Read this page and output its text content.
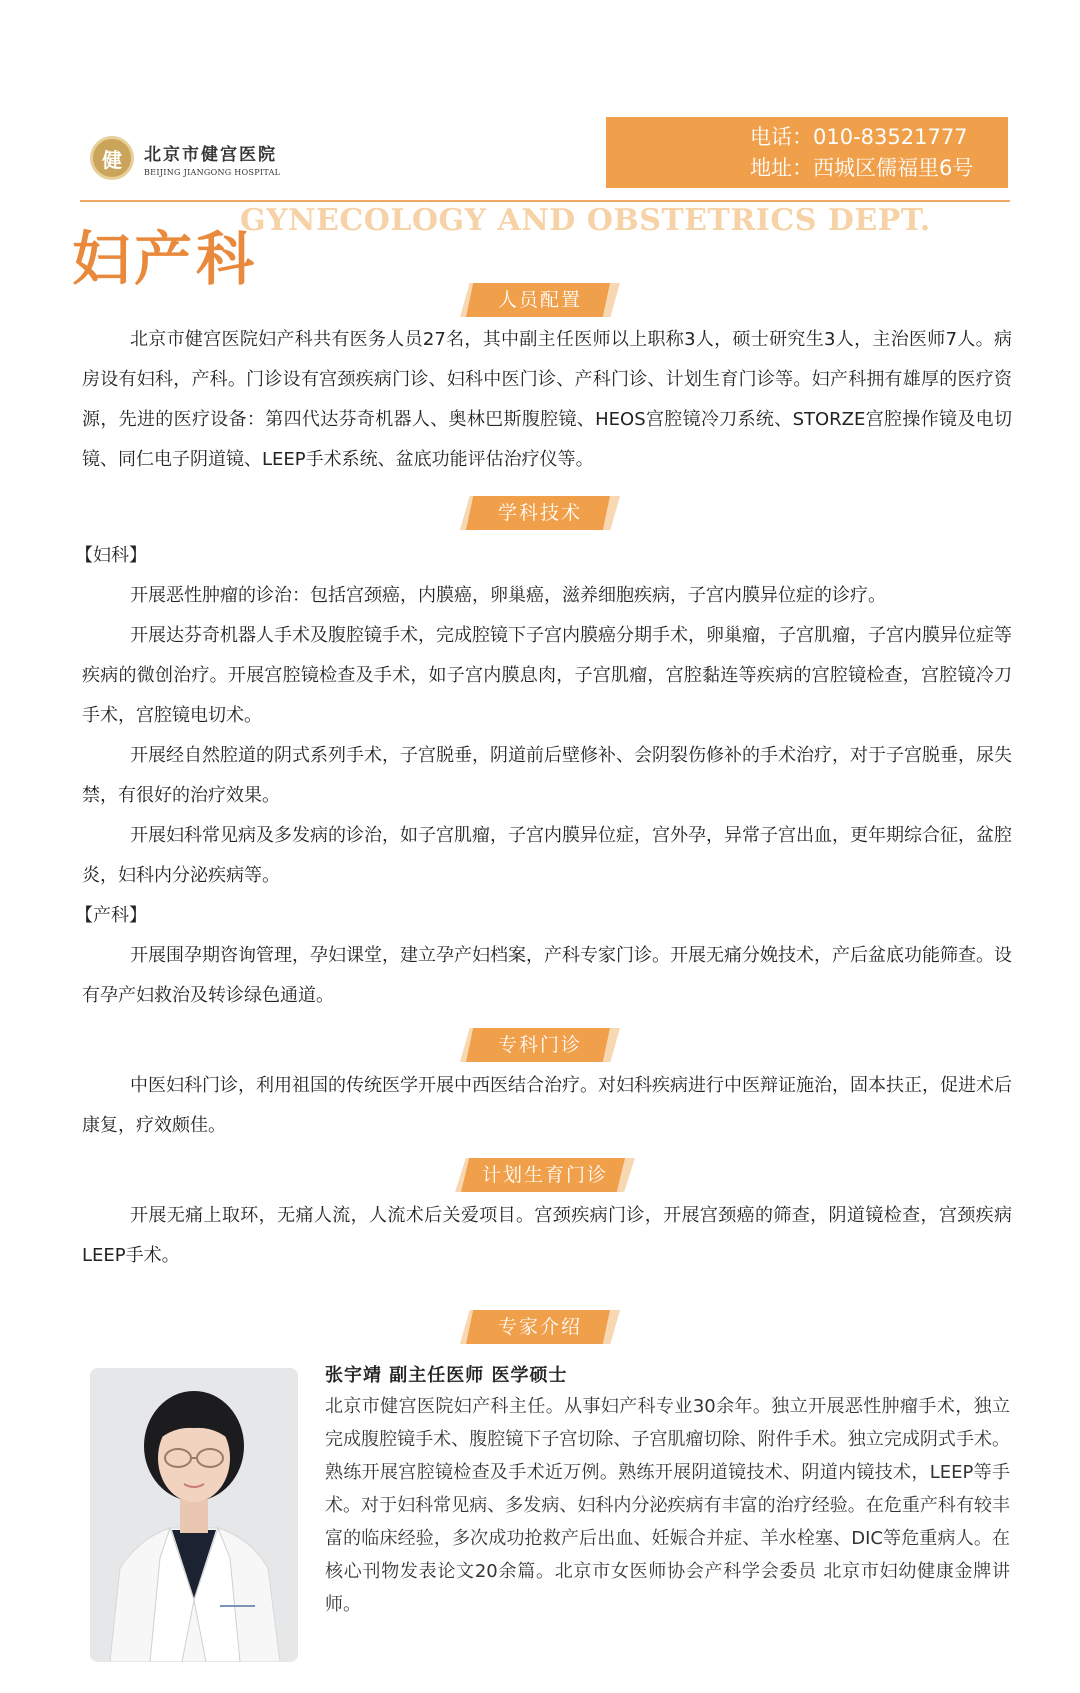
健	北京市健宫医院
BEIJING JIANGONG HOSPITAL
电话：010-83521777
地址：西城区儒福里6号
妇产科
GYNECOLOGY AND OBSTETRICS DEPT.
人员配置

北京市健宫医院妇产科共有医务人员27名，其中副主任医师以上职称3人，硕士研究生3人，主治医师7人。病房设有妇科，产科。门诊设有宫颈疾病门诊、妇科中医门诊、产科门诊、计划生育门诊等。妇产科拥有雄厚的医疗资源，先进的医疗设备：第四代达芬奇机器人、奥林巴斯腹腔镜、HEOS宫腔镜冷刀系统、STORZE宫腔操作镜及电切镜、同仁电子阴道镜、LEEP手术系统、盆底功能评估治疗仪等。

学科技术

【妇科】

开展恶性肿瘤的诊治：包括宫颈癌，内膜癌，卵巢癌，滋养细胞疾病，子宫内膜异位症的诊疗。

开展达芬奇机器人手术及腹腔镜手术，完成腔镜下子宫内膜癌分期手术，卵巢瘤，子宫肌瘤，子宫内膜异位症等疾病的微创治疗。开展宫腔镜检查及手术，如子宫内膜息肉，子宫肌瘤，宫腔黏连等疾病的宫腔镜检查，宫腔镜冷刀手术，宫腔镜电切术。

开展经自然腔道的阴式系列手术，子宫脱垂，阴道前后壁修补、会阴裂伤修补的手术治疗，对于子宫脱垂，尿失禁，有很好的治疗效果。

开展妇科常见病及多发病的诊治，如子宫肌瘤，子宫内膜异位症，宫外孕，异常子宫出血，更年期综合征，盆腔炎，妇科内分泌疾病等。

【产科】

开展围孕期咨询管理，孕妇课堂，建立孕产妇档案，产科专家门诊。开展无痛分娩技术，产后盆底功能筛查。设有孕产妇救治及转诊绿色通道。

专科门诊

中医妇科门诊，利用祖国的传统医学开展中西医结合治疗。对妇科疾病进行中医辩证施治，固本扶正，促进术后康复，疗效颇佳。

计划生育门诊

开展无痛上取环，无痛人流，人流术后关爱项目。宫颈疾病门诊，开展宫颈癌的筛查，阴道镜检查，宫颈疾病LEEP手术。

专家介绍

张宇靖 副主任医师 医学硕士

北京市健宫医院妇产科主任。从事妇产科专业30余年。独立开展恶性肿瘤手术，独立完成腹腔镜手术、腹腔镜下子宫切除、子宫肌瘤切除、附件手术。独立完成阴式手术。熟练开展宫腔镜检查及手术近万例。熟练开展阴道镜技术、阴道内镜技术，LEEP等手术。对于妇科常见病、多发病、妇科内分泌疾病有丰富的治疗经验。在危重产科有较丰富的临床经验，多次成功抢救产后出血、妊娠合并症、羊水栓塞、DIC等危重病人。在核心刊物发表论文20余篇。北京市女医师协会产科学会委员 北京市妇幼健康金牌讲师。
